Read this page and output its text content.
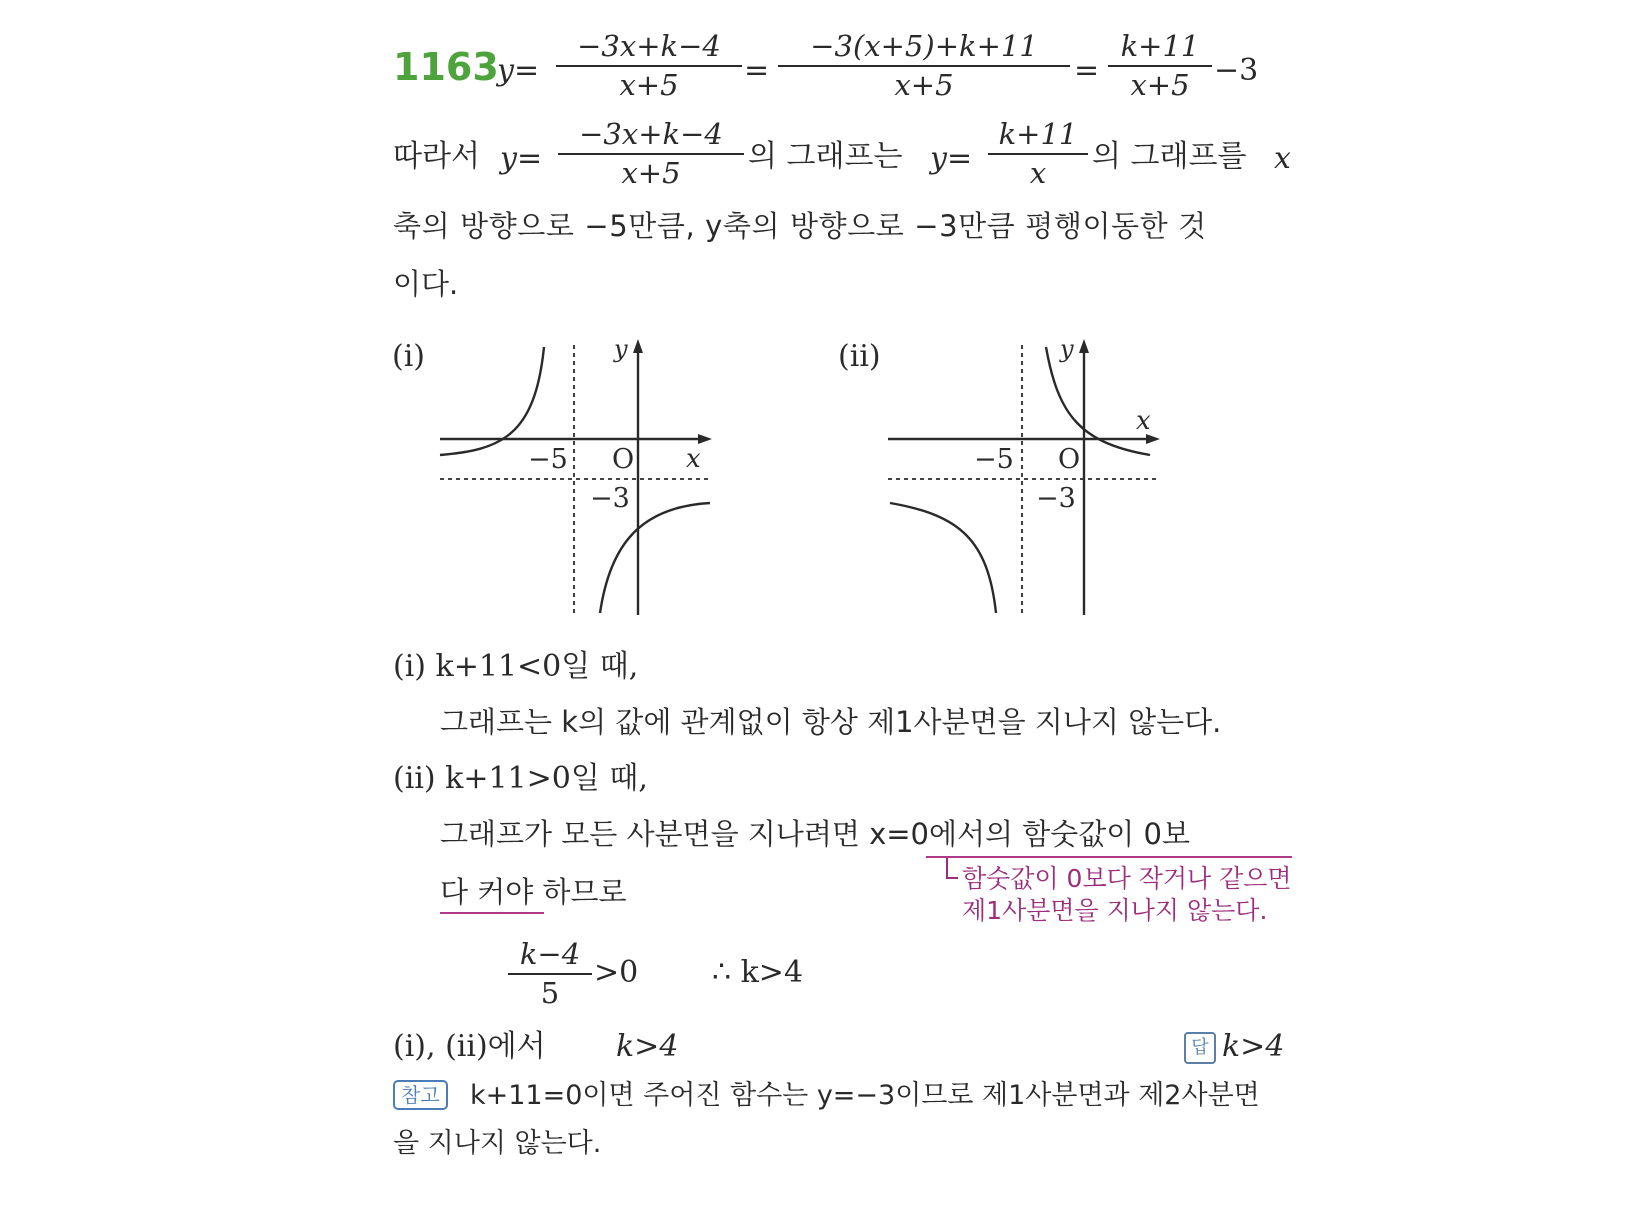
1163
y=
−3x+k−4
x+5	=
−3(x+5)+k+11
x+5	=
k+11
x+5 −3
따라서 y=
−3x+k−4
x+5	의 그래프는 y=
k+11
x	의 그래프를 x
축의 방향으로 −5만큼, y축의 방향으로 −3만큼 평행이동한 것
이다.
(ⅰ)	(ⅱ)
y
x
O
−5
−3
y
x
O
−5
−3
(ⅰ) k+11<0일 때,
그래프는 k의 값에 관계없이 항상 제1사분면을 지나지 않는다.
(ⅱ) k+11>0일 때,
그래프가 모든 사분면을 지나려면 x=0에서의 함숫값이 0보
다 커야 하므로	함숫값이 0보다 작거나 같으면
제1사분면을 지나지 않는다.
k−4
5
>0 ∴ k>4
(ⅰ), (ⅱ)에서 k>4	답 k>4
참고 k+11=0이면 주어진 함수는 y=−3이므로 제1사분면과 제2사분면
을 지나지 않는다.
